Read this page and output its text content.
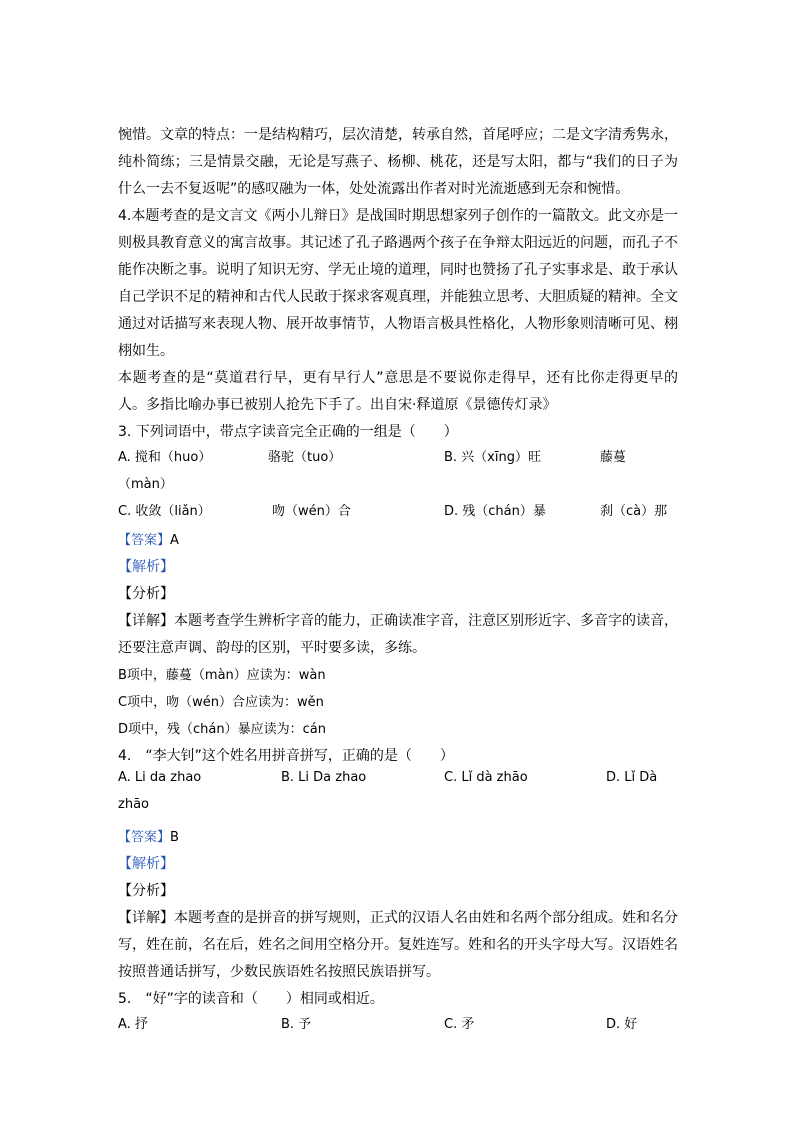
惋惜。文章的特点：一是结构精巧，层次清楚，转承自然，首尾呼应；二是文字清秀隽永，纯朴简练；三是情景交融，无论是写燕子、杨柳、桃花，还是写太阳，都与“我们的日子为什么一去不复返呢”的感叹融为一体，处处流露出作者对时光流逝感到无奈和惋惜。

4.本题考查的是文言文《两小儿辩日》是战国时期思想家列子创作的一篇散文。此文亦是一则极具教育意义的寓言故事。其记述了孔子路遇两个孩子在争辩太阳远近的问题，而孔子不能作决断之事。说明了知识无穷、学无止境的道理，同时也赞扬了孔子实事求是、敢于承认自己学识不足的精神和古代人民敢于探求客观真理，并能独立思考、大胆质疑的精神。全文通过对话描写来表现人物、展开故事情节，人物语言极具性格化，人物形象则清晰可见、栩栩如生。

本题考查的是“莫道君行早，更有早行人”意思是不要说你走得早，还有比你走得更早的人。多指比喻办事已被别人抢先下手了。出自宋·释道原《景德传灯录》

3. 下列词语中，带点字读音完全正确的一组是（　　）
A. 搅和（huo）	骆驼（tuo）	B. 兴（xīng）旺	藤蔓
（màn）
C. 收敛（liǎn）	吻（wén）合	D. 残（chán）暴	刹（cà）那
【答案】A
【解析】
【分析】

【详解】本题考查学生辨析字音的能力，正确读准字音，注意区别形近字、多音字的读音，还要注意声调、韵母的区别，平时要多读，多练。

B项中，藤蔓（màn）应读为：wàn
C项中，吻（wén）合应读为：wěn
D项中，残（chán）暴应读为：cán
4.　“李大钊”这个姓名用拼音拼写，正确的是（　　）
A. Li da zhao	B. Li Da zhao	C. Lǐ dà zhāo	D. Lǐ Dà
zhāo
【答案】B
【解析】
【分析】

【详解】本题考查的是拼音的拼写规则，正式的汉语人名由姓和名两个部分组成。姓和名分写，姓在前，名在后，姓名之间用空格分开。复姓连写。姓和名的开头字母大写。汉语姓名按照普通话拼写，少数民族语姓名按照民族语拼写。

5.　“好”字的读音和（　　）相同或相近。
A. 抒	B. 予	C. 矛	D. 好
